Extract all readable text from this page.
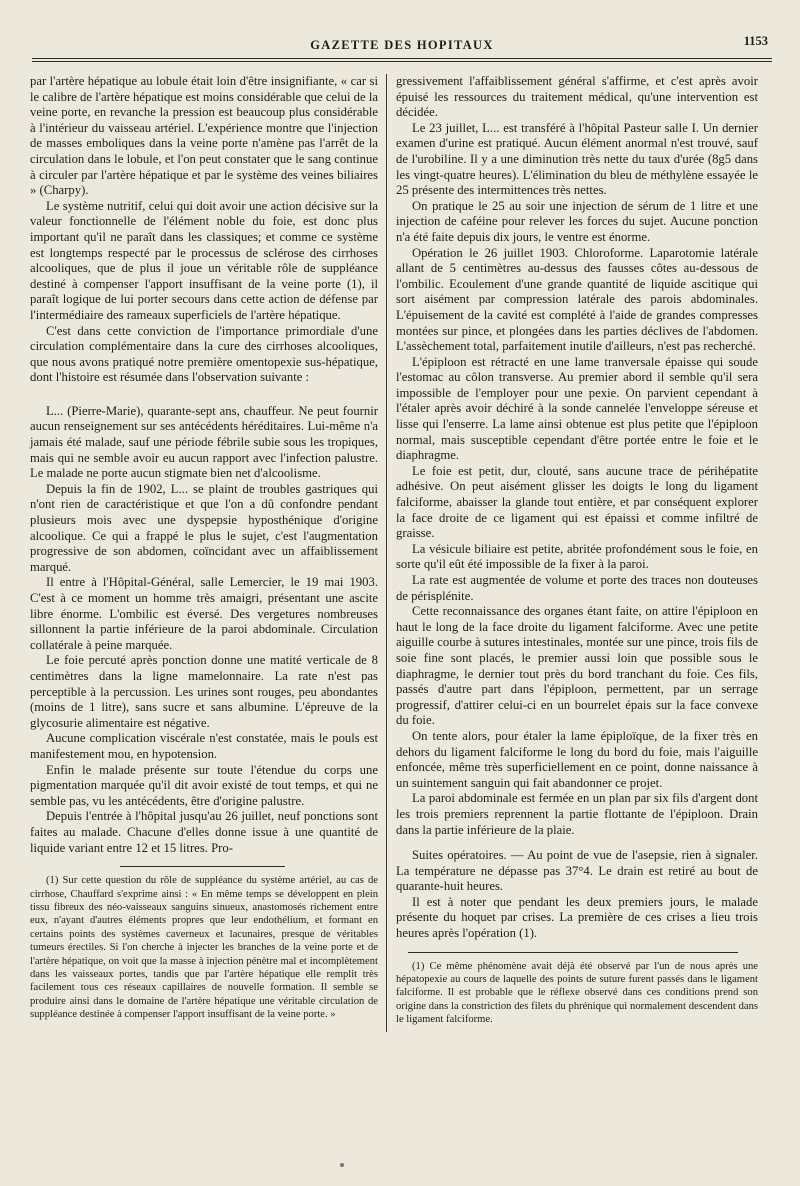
GAZETTE DES HOPITAUX	1153

par l'artère hépatique au lobule était loin d'être insignifiante, « car si le calibre de l'artère hépatique est moins considérable que celui de la veine porte, en revanche la pression est beaucoup plus considérable à l'intérieur du vaisseau artériel. L'expérience montre que l'injection de masses emboliques dans la veine porte n'amène pas l'arrêt de la circulation dans le lobule, et l'on peut constater que le sang continue à circuler par l'artère hépatique et par le système des veines biliaires » (Charpy).

Le système nutritif, celui qui doit avoir une action décisive sur la valeur fonctionnelle de l'élément noble du foie, est donc plus important qu'il ne paraît dans les classiques; et comme ce système est longtemps respecté par le processus de sclérose des cirrhoses alcooliques, que de plus il joue un véritable rôle de suppléance destiné à compenser l'apport insuffisant de la veine porte (1), il paraît logique de lui porter secours dans cette action de défense par l'intermédiaire des rameaux superficiels de l'artère hépatique.

C'est dans cette conviction de l'importance primordiale d'une circulation complémentaire dans la cure des cirrhoses alcooliques, que nous avons pratiqué notre première omentopexie sus-hépatique, dont l'histoire est résumée dans l'observation suivante :

L... (Pierre-Marie), quarante-sept ans, chauffeur. Ne peut fournir aucun renseignement sur ses antécédents héréditaires. Lui-même n'a jamais été malade, sauf une période fébrile subie sous les tropiques, mais qui ne semble avoir eu aucun rapport avec l'infection palustre. Le malade ne porte aucun stigmate bien net d'alcoolisme.

Depuis la fin de 1902, L... se plaint de troubles gastriques qui n'ont rien de caractéristique et que l'on a dû confondre pendant plusieurs mois avec une dyspepsie hyposthénique d'origine alcoolique. Ce qui a frappé le plus le sujet, c'est l'augmentation progressive de son abdomen, coïncidant avec un affaiblissement marqué.

Il entre à l'Hôpital-Général, salle Lemercier, le 19 mai 1903. C'est à ce moment un homme très amaigri, présentant une ascite libre énorme. L'ombilic est éversé. Des vergetures nombreuses sillonnent la partie inférieure de la paroi abdominale. Circulation collatérale à peine marquée.

Le foie percuté après ponction donne une matité verticale de 8 centimètres dans la ligne mamelonnaire. La rate n'est pas perceptible à la percussion. Les urines sont rouges, peu abondantes (moins de 1 litre), sans sucre et sans albumine. L'épreuve de la glycosurie alimentaire est négative.

Aucune complication viscérale n'est constatée, mais le pouls est manifestement mou, en hypotension.

Enfin le malade présente sur toute l'étendue du corps une pigmentation marquée qu'il dit avoir existé de tout temps, et qui ne semble pas, vu les antécédents, être d'origine palustre.

Depuis l'entrée à l'hôpital jusqu'au 26 juillet, neuf ponctions sont faites au malade. Chacune d'elles donne issue à une quantité de liquide variant entre 12 et 15 litres. Pro-

(1) Sur cette question du rôle de suppléance du système artériel, au cas de cirrhose, Chauffard s'exprime ainsi : « En même temps se développent en plein tissu fibreux des néo-vaisseaux sanguins sinueux, anastomosés richement entre eux, n'ayant d'autres éléments propres que leur endothélium, et formant en certains points des systèmes caverneux et lacunaires, presque de véritables tumeurs érectiles. Si l'on cherche à injecter les branches de la veine porte et de l'artère hépatique, on voit que la masse à injection pénètre mal et incomplètement dans les vaisseaux portes, tandis que par l'artère hépatique elle remplit très facilement tous ces réseaux capillaires de nouvelle formation. Il semble se produire ainsi dans le domaine de l'artère hépatique une véritable circulation de suppléance destinée à compenser l'apport insuffisant de la veine porte. »

gressivement l'affaiblissement général s'affirme, et c'est après avoir épuisé les ressources du traitement médical, qu'une intervention est décidée.

Le 23 juillet, L... est transféré à l'hôpital Pasteur salle I. Un dernier examen d'urine est pratiqué. Aucun élément anormal n'est trouvé, sauf de l'urobiline. Il y a une diminution très nette du taux d'urée (8g5 dans les vingt-quatre heures). L'élimination du bleu de méthylène essayée le 25 présente des intermittences très nettes.

On pratique le 25 au soir une injection de sérum de 1 litre et une injection de caféine pour relever les forces du sujet. Aucune ponction n'a été faite depuis dix jours, le ventre est énorme.

Opération le 26 juillet 1903. Chloroforme. Laparotomie latérale allant de 5 centimètres au-dessus des fausses côtes au-dessous de l'ombilic. Ecoulement d'une grande quantité de liquide ascitique qui sort aisément par compression latérale des parois abdominales. L'épuisement de la cavité est complété à l'aide de grandes compresses montées sur pince, et plongées dans les parties déclives de l'abdomen. L'assèchement total, parfaitement inutile d'ailleurs, n'est pas recherché.

L'épiploon est rétracté en une lame tranversale épaisse qui soude l'estomac au côlon transverse. Au premier abord il semble qu'il sera impossible de l'employer pour une pexie. On parvient cependant à l'étaler après avoir déchiré à la sonde cannelée l'enveloppe séreuse et lisse qui l'enserre. La lame ainsi obtenue est plus petite que l'épiploon normal, mais susceptible cependant d'être portée entre le foie et le diaphragme.

Le foie est petit, dur, clouté, sans aucune trace de périhépatite adhésive. On peut aisément glisser les doigts le long du ligament falciforme, abaisser la glande tout entière, et par conséquent explorer la face droite de ce ligament qui est épaissi et comme infiltré de graisse.

La vésicule biliaire est petite, abritée profondément sous le foie, en sorte qu'il eût été impossible de la fixer à la paroi.

La rate est augmentée de volume et porte des traces non douteuses de périsplénite.

Cette reconnaissance des organes étant faite, on attire l'épiploon en haut le long de la face droite du ligament falciforme. Avec une petite aiguille courbe à sutures intestinales, montée sur une pince, trois fils de soie fine sont placés, le premier aussi loin que possible sous le diaphragme, le dernier tout près du bord tranchant du foie. Ces fils, passés d'autre part dans l'épiploon, permettent, par un serrage progressif, d'attirer celui-ci en un bourrelet épais sur la face convexe du foie.

On tente alors, pour étaler la lame épiploïque, de la fixer très en dehors du ligament falciforme le long du bord du foie, mais l'aiguille enfoncée, même très superficiellement en ce point, donne naissance à un suintement sanguin qui fait abandonner ce projet.

La paroi abdominale est fermée en un plan par six fils d'argent dont les trois premiers reprennent la partie flottante de l'épiploon. Drain dans la partie inférieure de la plaie.

Suites opératoires. — Au point de vue de l'asepsie, rien à signaler. La température ne dépasse pas 37°4. Le drain est retiré au bout de quarante-huit heures.

Il est à noter que pendant les deux premiers jours, le malade présente du hoquet par crises. La première de ces crises a lieu trois heures après l'opération (1).

(1) Ce même phénomène avait déjà été observé par l'un de nous après une hépatopexie au cours de laquelle des points de suture furent passés dans le ligament falciforme. Il est probable que le réflexe observé dans ces conditions prend son origine dans la constriction des filets du phrénique qui normalement descendent dans le ligament falciforme.
